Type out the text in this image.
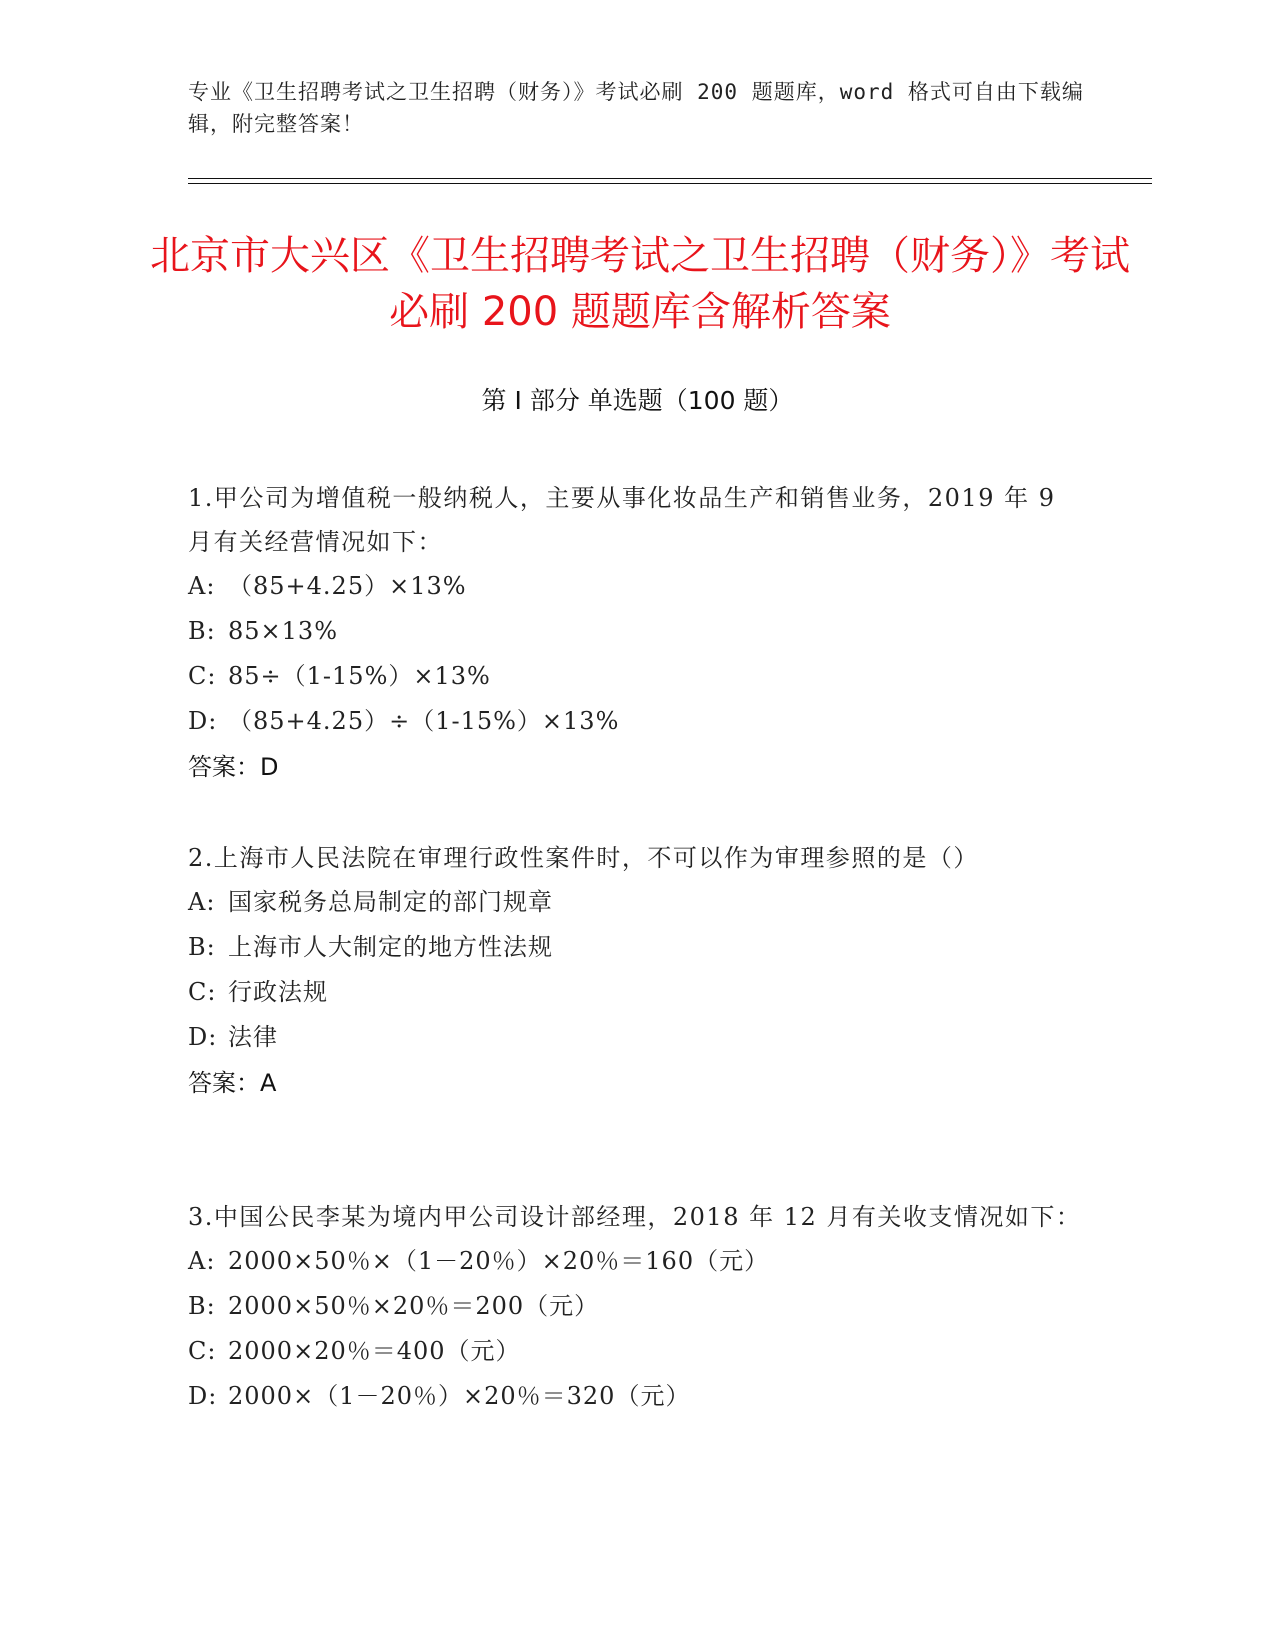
专业《卫生招聘考试之卫生招聘（财务）》考试必刷 200 题题库，word 格式可自由下载编辑，附完整答案！
北京市大兴区《卫生招聘考试之卫生招聘（财务）》考试必刷 200 题题库含解析答案
第 I 部分 单选题（100 题）
1.甲公司为增值税一般纳税人，主要从事化妆品生产和销售业务，2019 年 9 月有关经营情况如下：
A: （85+4.25）×13%
B: 85×13%
C: 85÷（1-15%）×13%
D: （85+4.25）÷（1-15%）×13%
答案：D
2.上海市人民法院在审理行政性案件时，不可以作为审理参照的是（）
A: 国家税务总局制定的部门规章
B: 上海市人大制定的地方性法规
C: 行政法规
D: 法律
答案：A
3.中国公民李某为境内甲公司设计部经理，2018 年 12 月有关收支情况如下：
A: 2000×50％×（1－20％）×20％＝160（元）
B: 2000×50％×20％＝200（元）
C: 2000×20％＝400（元）
D: 2000×（1－20％）×20％＝320（元）
